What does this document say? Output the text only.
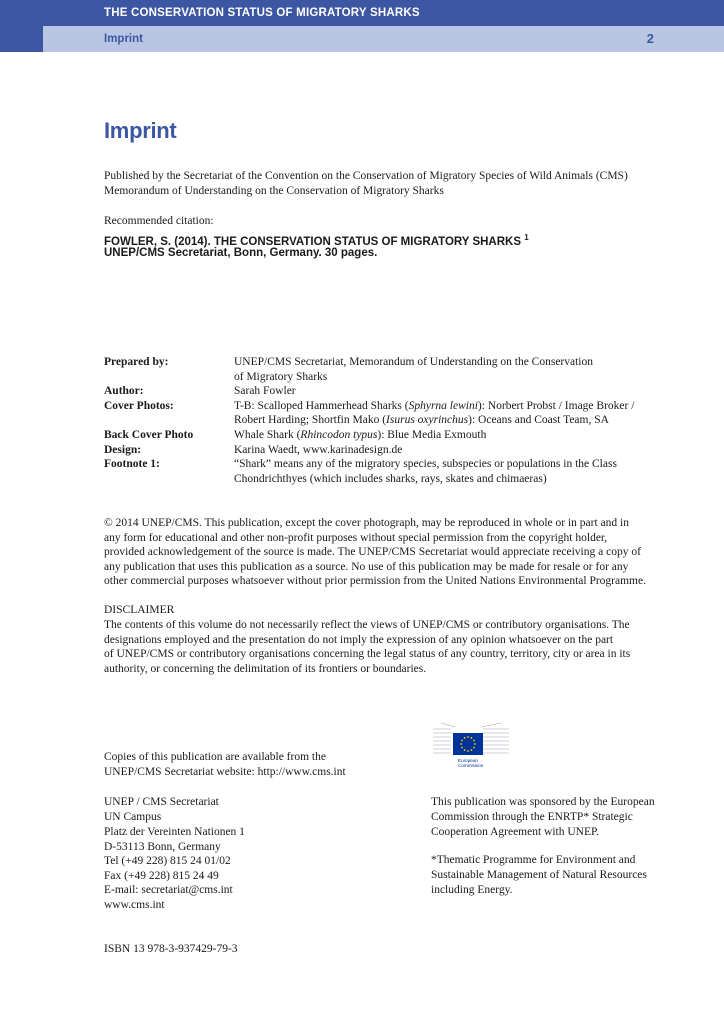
THE CONSERVATION STATUS OF MIGRATORY SHARKS
Imprint	2
Imprint

Published by the Secretariat of the Convention on the Conservation of Migratory Species of Wild Animals (CMS)

Memorandum of Understanding on the Conservation of Migratory Sharks

Recommended citation:

FOWLER, S. (2014). THE CONSERVATION STATUS OF MIGRATORY SHARKS $^1$

UNEP/CMS Secretariat, Bonn, Germany. 30 pages.

Prepared by:	UNEP/CMS Secretariat, Memorandum of Understanding on the Conservation
	of Migratory Sharks
Author:	Sarah Fowler
Cover Photos:	T-B: Scalloped Hammerhead Sharks (Sphyrna lewini): Norbert Probst / Image Broker /
	Robert Harding; Shortfin Mako (Isurus oxyrinchus): Oceans and Coast Team, SA
Back Cover Photo	Whale Shark (Rhincodon typus): Blue Media Exmouth
Design:	Karina Waedt, www.karinadesign.de
Footnote 1:	“Shark” means any of the migratory species, subspecies or populations in the Class
	Chondrichthyes (which includes sharks, rays, skates and chimaeras)

© 2014 UNEP/CMS. This publication, except the cover photograph, may be reproduced in whole or in part and in

any form for educational and other non-profit purposes without special permission from the copyright holder,

provided acknowledgement of the source is made. The UNEP/CMS Secretariat would appreciate receiving a copy of

any publication that uses this publication as a source. No use of this publication may be made for resale or for any

other commercial purposes whatsoever without prior permission from the United Nations Environmental Programme.

DISCLAIMER

The contents of this volume do not necessarily reflect the views of UNEP/CMS or contributory organisations. The

designations employed and the presentation do not imply the expression of any opinion whatsoever on the part

of UNEP/CMS or contributory organisations concerning the legal status of any country, territory, city or area in its

authority, or concerning the delimitation of its frontiers or boundaries.

Copies of this publication are available from the

UNEP/CMS Secretariat website: http://www.cms.int

European
Commission

UNEP / CMS Secretariat

UN Campus

Platz der Vereinten Nationen 1

D-53113 Bonn, Germany

Tel (+49 228) 815 24 01/02

Fax (+49 228) 815 24 49

E-mail: secretariat@cms.int

www.cms.int

This publication was sponsored by the European

Commission through the ENRTP* Strategic

Cooperation Agreement with UNEP.

*Thematic Programme for Environment and

Sustainable Management of Natural Resources

including Energy.

ISBN 13 978-3-937429-79-3
